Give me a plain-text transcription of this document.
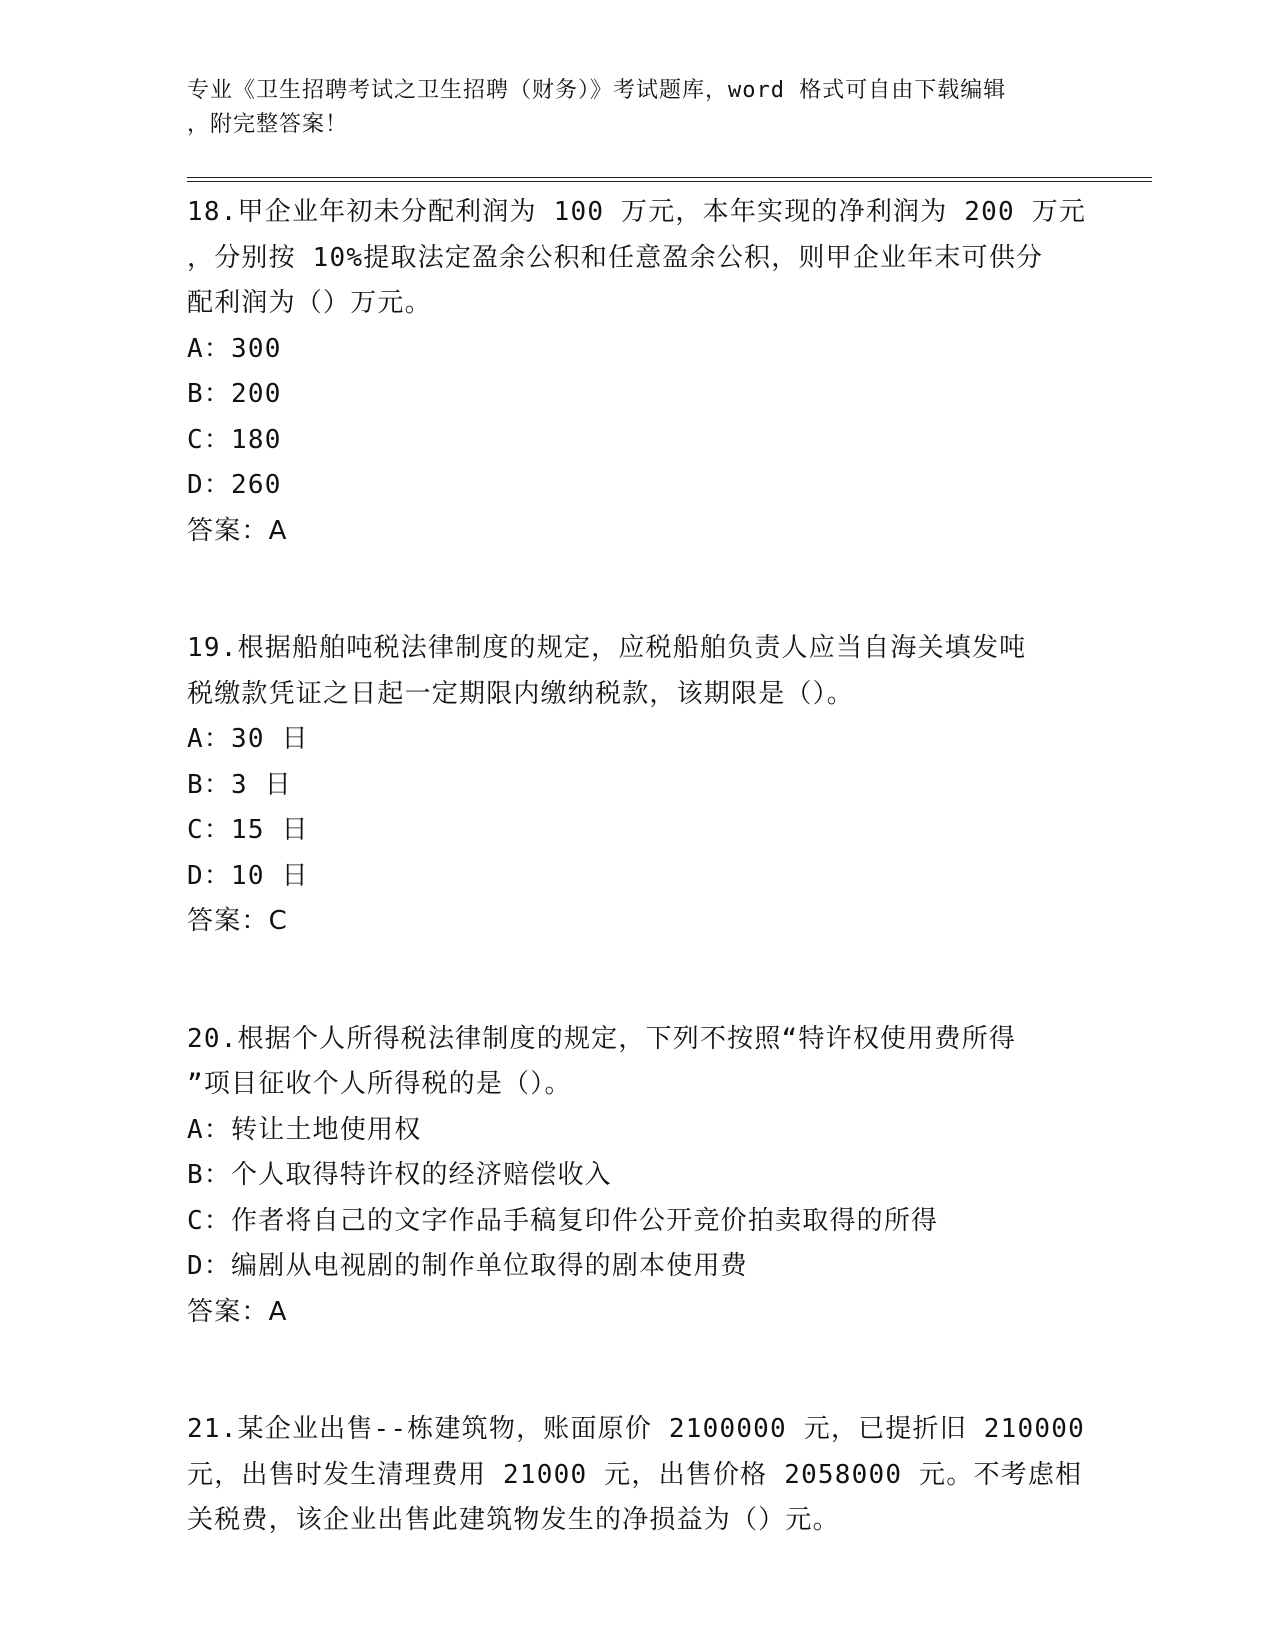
专业《卫生招聘考试之卫生招聘（财务）》考试题库，word 格式可自由下载编辑
，附完整答案！
18.甲企业年初未分配利润为 100 万元，本年实现的净利润为 200 万元
，分别按 10%提取法定盈余公积和任意盈余公积，则甲企业年末可供分
配利润为（）万元。
A：300
B：200
C：180
D：260
答案：A
19.根据船舶吨税法律制度的规定，应税船舶负责人应当自海关填发吨
税缴款凭证之日起一定期限内缴纳税款，该期限是（）。
A：30 日
B：3 日
C：15 日
D：10 日
答案：C
20.根据个人所得税法律制度的规定，下列不按照“特许权使用费所得
”项目征收个人所得税的是（）。
A：转让土地使用权
B：个人取得特许权的经济赔偿收入
C：作者将自己的文字作品手稿复印件公开竞价拍卖取得的所得
D：编剧从电视剧的制作单位取得的剧本使用费
答案：A
21.某企业出售--栋建筑物，账面原价 2100000 元，已提折旧 210000
元，出售时发生清理费用 21000 元，出售价格 2058000 元。不考虑相
关税费，该企业出售此建筑物发生的净损益为（）元。
